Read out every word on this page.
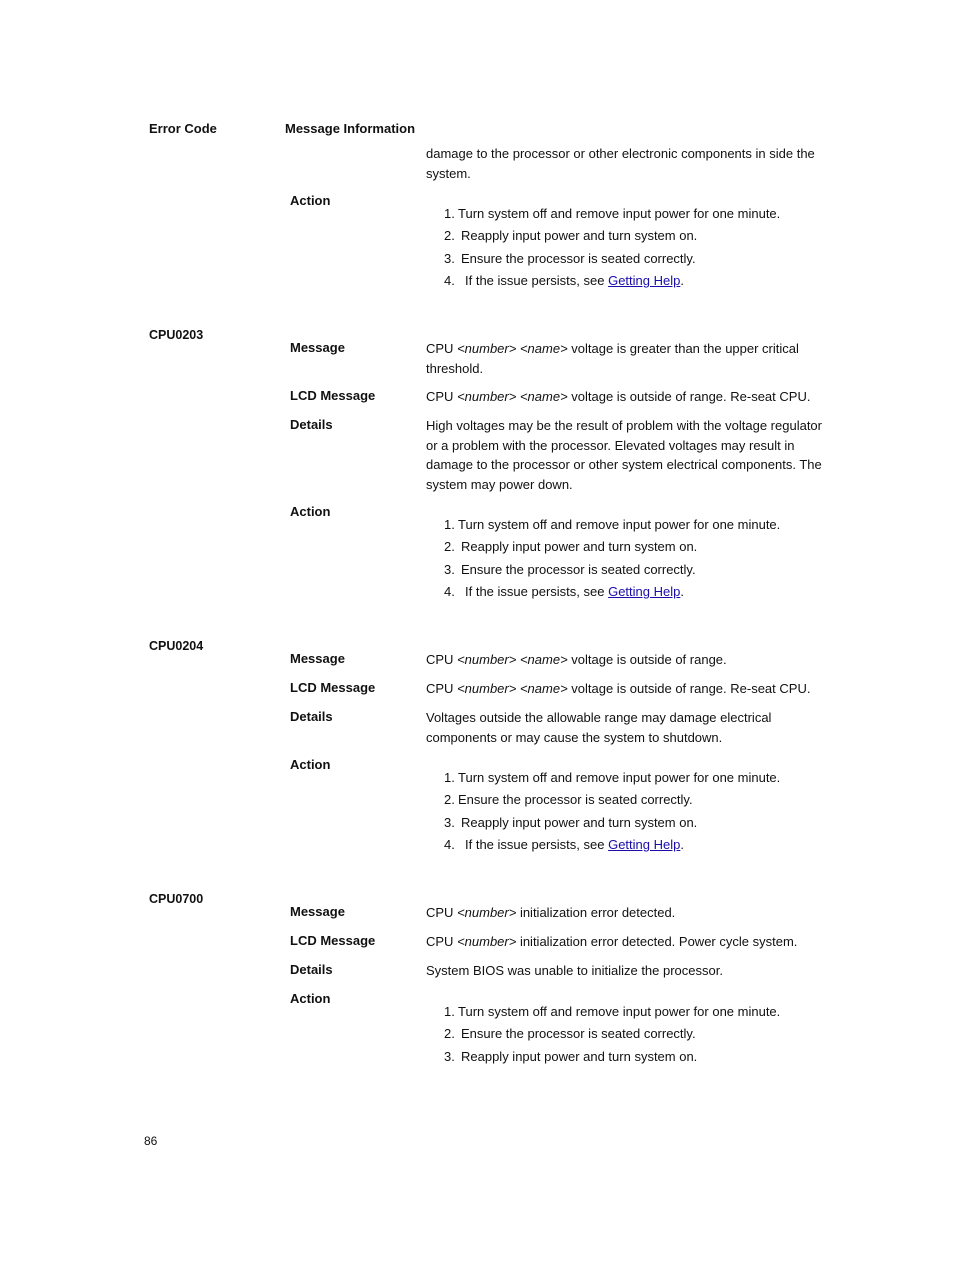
Error Code	Message Information
damage to the processor or other electronic components in side the system.
Action
1. Turn system off and remove input power for one minute.
2. Reapply input power and turn system on.
3. Ensure the processor is seated correctly.
4. If the issue persists, see Getting Help.
CPU0203
Message	CPU <number> <name> voltage is greater than the upper critical threshold.
LCD Message	CPU <number> <name> voltage is outside of range. Re-seat CPU.
Details	High voltages may be the result of problem with the voltage regulator or a problem with the processor. Elevated voltages may result in damage to the processor or other system electrical components. The system may power down.
Action
1. Turn system off and remove input power for one minute.
2. Reapply input power and turn system on.
3. Ensure the processor is seated correctly.
4. If the issue persists, see Getting Help.
CPU0204
Message	CPU <number> <name> voltage is outside of range.
LCD Message	CPU <number> <name> voltage is outside of range. Re-seat CPU.
Details	Voltages outside the allowable range may damage electrical components or may cause the system to shutdown.
Action
1. Turn system off and remove input power for one minute.
2. Ensure the processor is seated correctly.
3. Reapply input power and turn system on.
4. If the issue persists, see Getting Help.
CPU0700
Message	CPU <number> initialization error detected.
LCD Message	CPU <number> initialization error detected. Power cycle system.
Details	System BIOS was unable to initialize the processor.
Action
1. Turn system off and remove input power for one minute.
2. Ensure the processor is seated correctly.
3. Reapply input power and turn system on.
86
